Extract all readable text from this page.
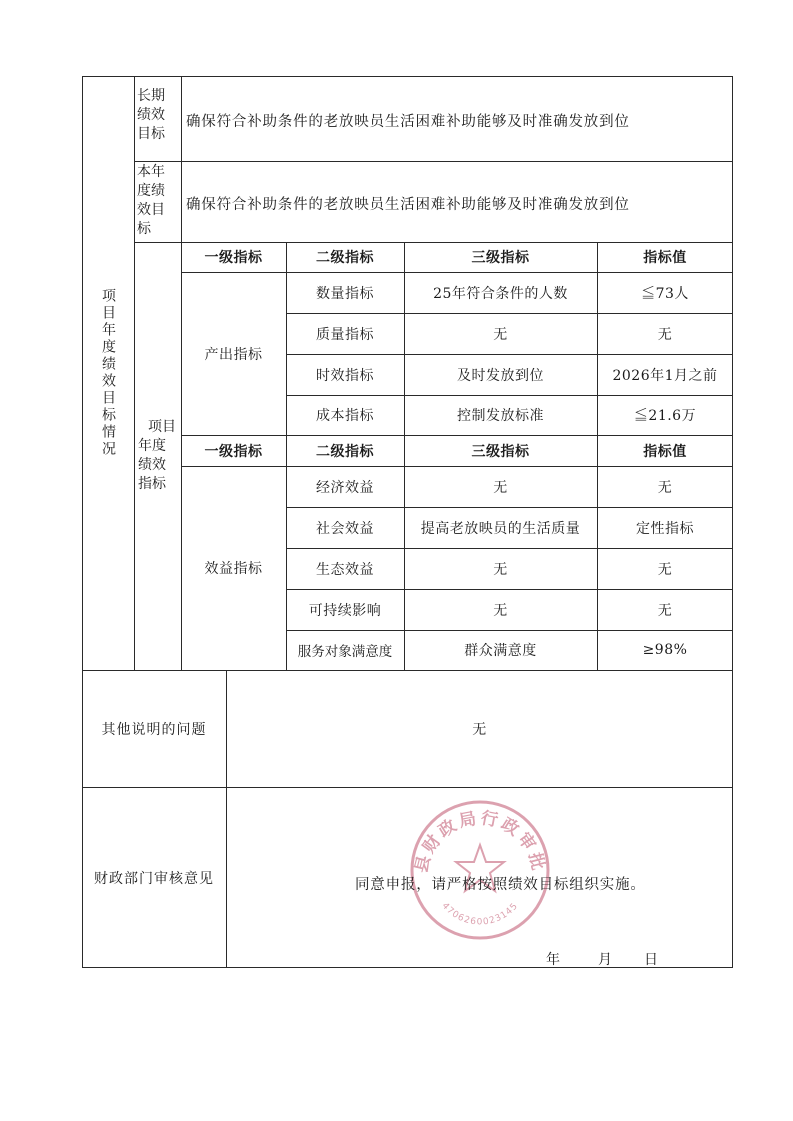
项目年度绩效目标情况
长期
绩效
目标
确保符合补助条件的老放映员生活困难补助能够及时准确发放到位
本年
度绩
效目
标
确保符合补助条件的老放映员生活困难补助能够及时准确发放到位
项目
年度
绩效
指标
一级指标	二级指标	三级指标	指标值
产出指标
数量指标	25年符合条件的人数	≦73人
质量指标	无	无
时效指标	及时发放到位	2026年1月之前
成本指标	控制发放标准	≦21.6万
一级指标	二级指标	三级指标	指标值
效益指标
经济效益	无	无
社会效益	提高老放映员的生活质量	定性指标
生态效益	无	无
可持续影响	无	无
服务对象满意度	群众满意度	≥98%
其他说明的问题	无
财政部门审核意见
县财政局行政审批
4706260023145
同意申报，请严格按照绩效目标组织实施。
年	月 日
